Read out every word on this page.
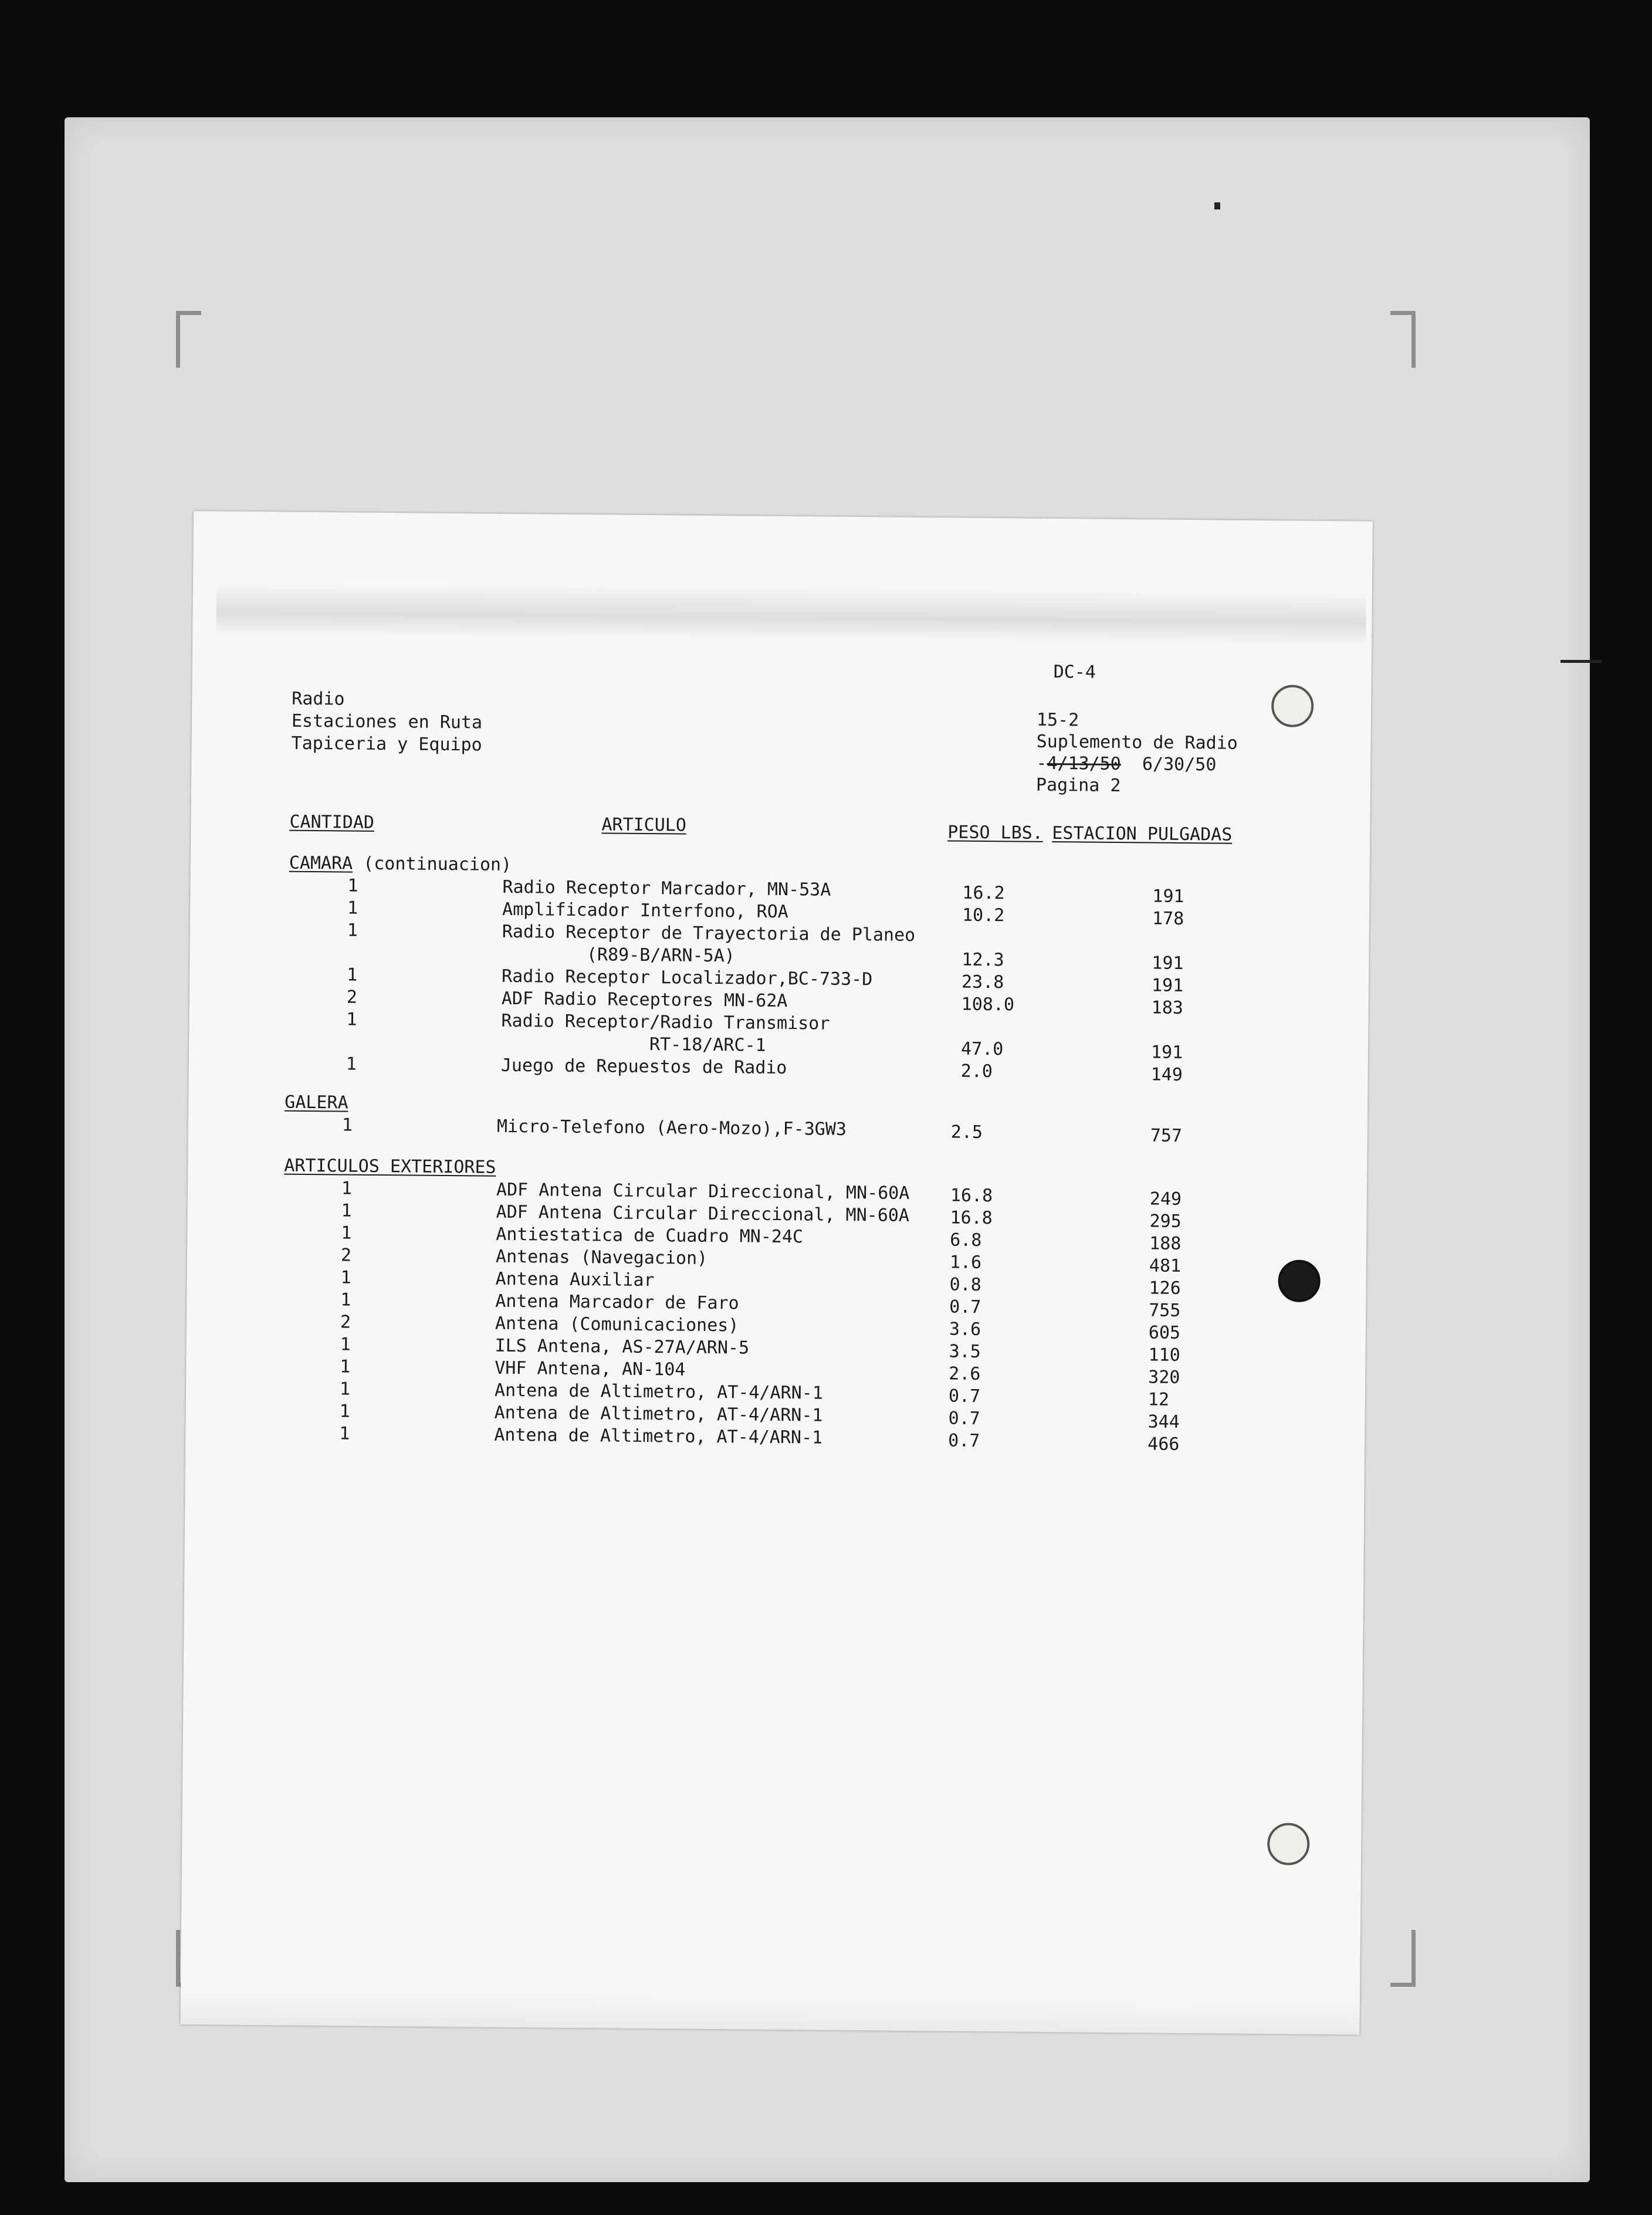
Radio

Estaciones en Ruta

Tapiceria y Equipo

DC-4

15-2

Suplemento de Radio

-4/13/50 6/30/50

Pagina 2

CANTIDAD	ARTICULO	PESO LBS. ESTACION PULGADAS

CAMARA (continuacion)

1	Radio Receptor Marcador, MN-53A	16.2	191

1	Amplificador Interfono, ROA	10.2	178

1	Radio Receptor de Trayectoria de Planeo

(R89-B/ARN-5A)	12.3	191

1	Radio Receptor Localizador,BC-733-D	23.8	191

2	ADF Radio Receptores MN-62A	108.0	183

1	Radio Receptor/Radio Transmisor

RT-18/ARC-1	47.0	191

1	Juego de Repuestos de Radio	2.0	149

GALERA

1	Micro-Telefono (Aero-Mozo),F-3GW3	2.5	757

ARTICULOS EXTERIORES

1	ADF Antena Circular Direccional, MN-60A 16.8	249

1	ADF Antena Circular Direccional, MN-60A 16.8	295

1	Antiestatica de Cuadro MN-24C	6.8	188

2	Antenas (Navegacion)	1.6	481

1	Antena Auxiliar	0.8	126

1	Antena Marcador de Faro	0.7	755

2	Antena (Comunicaciones)	3.6	605

1	ILS Antena, AS-27A/ARN-5	3.5	110

1	VHF Antena, AN-104	2.6	320

1	Antena de Altimetro, AT-4/ARN-1	0.7	12

1	Antena de Altimetro, AT-4/ARN-1	0.7	344

1	Antena de Altimetro, AT-4/ARN-1	0.7	466
